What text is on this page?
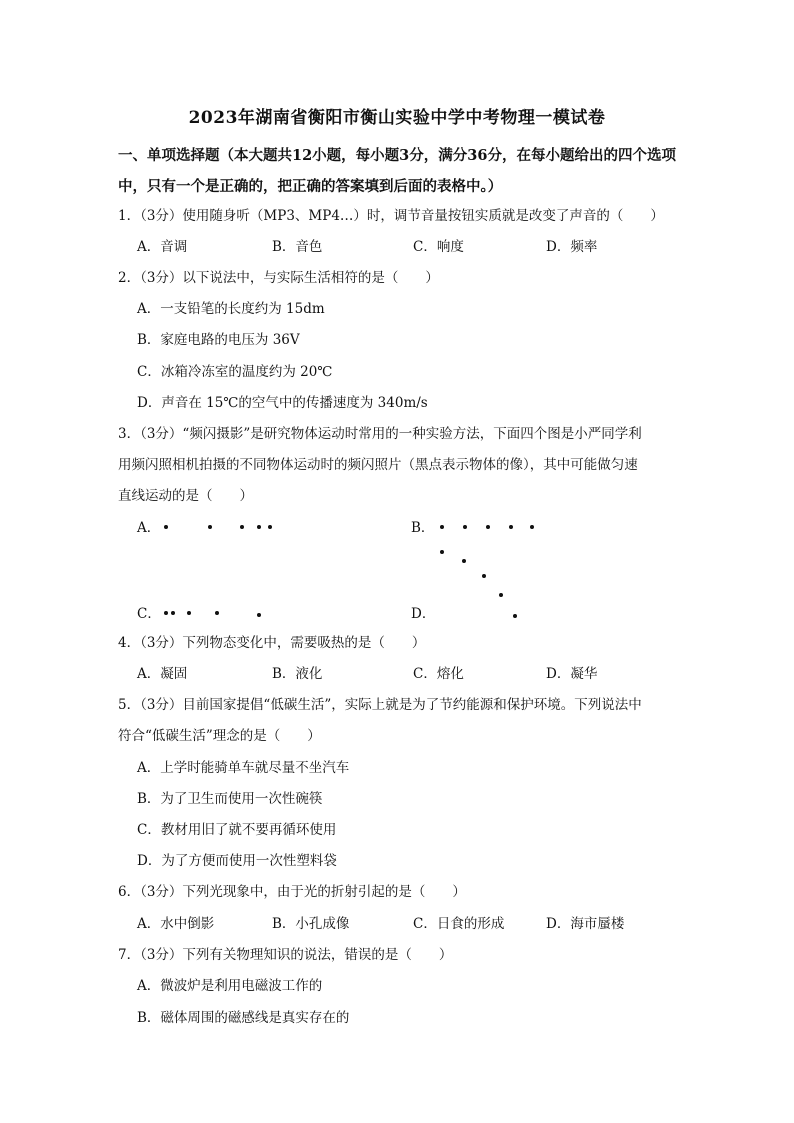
2023年湖南省衡阳市衡山实验中学中考物理一模试卷
一、单项选择题（本大题共12小题，每小题3分，满分36分，在每小题给出的四个选项
中，只有一个是正确的，把正确的答案填到后面的表格中。）
1．（3分）使用随身听（MP3、MP4…）时，调节音量按钮实质就是改变了声音的（　　）
A．音调	B．音色	C．响度	D．频率
2．（3分）以下说法中，与实际生活相符的是（　　）
A．一支铅笔的长度约为 15dm
B．家庭电路的电压为 36V
C．冰箱冷冻室的温度约为 20℃
D．声音在 15℃的空气中的传播速度为 340m/s
3．（3分）“频闪摄影”是研究物体运动时常用的一种实验方法，下面四个图是小严同学利
用频闪照相机拍摄的不同物体运动时的频闪照片（黑点表示物体的像），其中可能做匀速
直线运动的是（　　）
A．	B．
C．	D．
4．（3分）下列物态变化中，需要吸热的是（　　）
A．凝固	B．液化	C．熔化	D．凝华
5．（3分）目前国家提倡“低碳生活”，实际上就是为了节约能源和保护环境。下列说法中
符合“低碳生活”理念的是（　　）
A．上学时能骑单车就尽量不坐汽车
B．为了卫生而使用一次性碗筷
C．教材用旧了就不要再循环使用
D．为了方便而使用一次性塑料袋
6．（3分）下列光现象中，由于光的折射引起的是（　　）
A．水中倒影	B．小孔成像	C．日食的形成	D．海市蜃楼
7．（3分）下列有关物理知识的说法，错误的是（　　）
A．微波炉是利用电磁波工作的
B．磁体周围的磁感线是真实存在的
